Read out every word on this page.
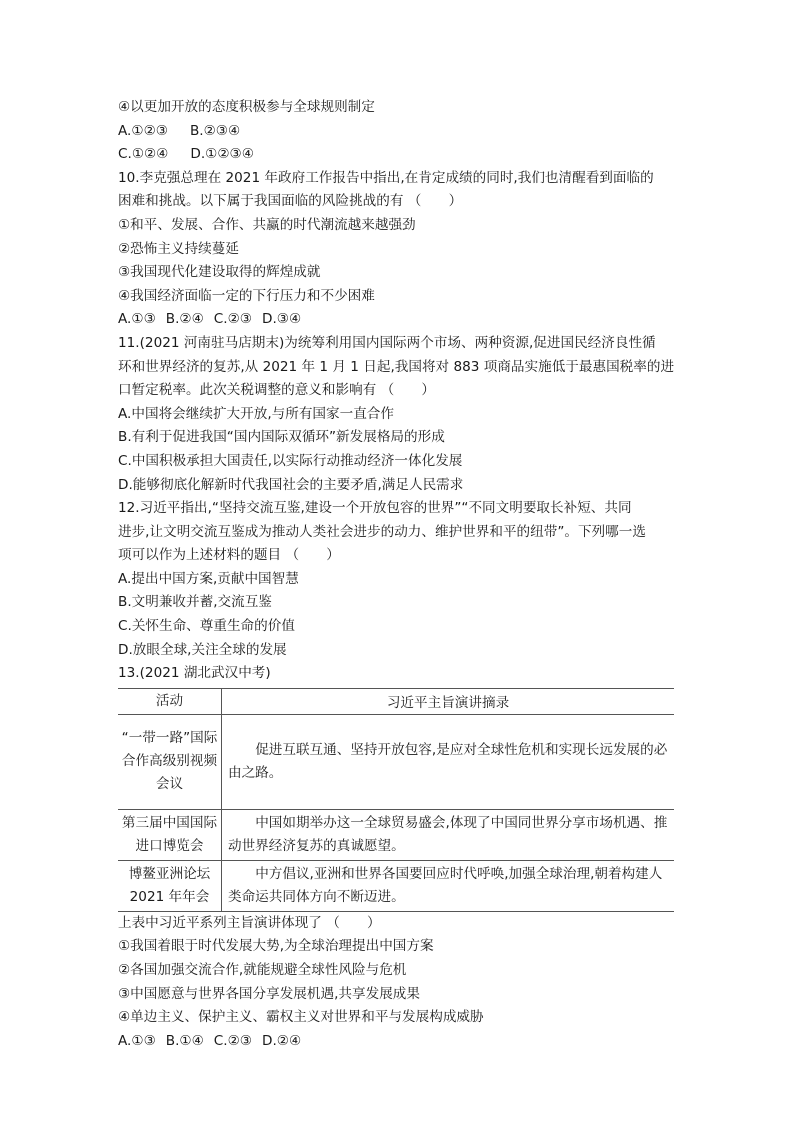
④以更加开放的态度积极参与全球规则制定
A.①②③ B.②③④
C.①②④ D.①②③④
10.李克强总理在 2021 年政府工作报告中指出,在肯定成绩的同时,我们也清醒看到面临的
困难和挑战。以下属于我国面临的风险挑战的有 （　　）
①和平、发展、合作、共赢的时代潮流越来越强劲
②恐怖主义持续蔓延
③我国现代化建设取得的辉煌成就
④我国经济面临一定的下行压力和不少困难
A.①③ B.②④ C.②③ D.③④
11.(2021 河南驻马店期末)为统筹利用国内国际两个市场、两种资源,促进国民经济良性循
环和世界经济的复苏,从 2021 年 1 月 1 日起,我国将对 883 项商品实施低于最惠国税率的进
口暂定税率。此次关税调整的意义和影响有 （　　）
A.中国将会继续扩大开放,与所有国家一直合作
B.有利于促进我国“国内国际双循环”新发展格局的形成
C.中国积极承担大国责任,以实际行动推动经济一体化发展
D.能够彻底化解新时代我国社会的主要矛盾,满足人民需求
12.习近平指出,“坚持交流互鉴,建设一个开放包容的世界”“不同文明要取长补短、共同
进步,让文明交流互鉴成为推动人类社会进步的动力、维护世界和平的纽带”。下列哪一选
项可以作为上述材料的题目 （　　）
A.提出中国方案,贡献中国智慧
B.文明兼收并蓄,交流互鉴
C.关怀生命、尊重生命的价值
D.放眼全球,关注全球的发展
13.(2021 湖北武汉中考)
活动	习近平主旨演讲摘录
“一带一路”国际合作高级别视频会议	促进互联互通、坚持开放包容,是应对全球性危机和实现长远发展的必由之路。
第三届中国国际进口博览会	中国如期举办这一全球贸易盛会,体现了中国同世界分享市场机遇、推动世界经济复苏的真诚愿望。
博鳌亚洲论坛 2021 年年会	中方倡议,亚洲和世界各国要回应时代呼唤,加强全球治理,朝着构建人类命运共同体方向不断迈进。
上表中习近平系列主旨演讲体现了 （　　）
①我国着眼于时代发展大势,为全球治理提出中国方案
②各国加强交流合作,就能规避全球性风险与危机
③中国愿意与世界各国分享发展机遇,共享发展成果
④单边主义、保护主义、霸权主义对世界和平与发展构成威胁
A.①③ B.①④ C.②③ D.②④
